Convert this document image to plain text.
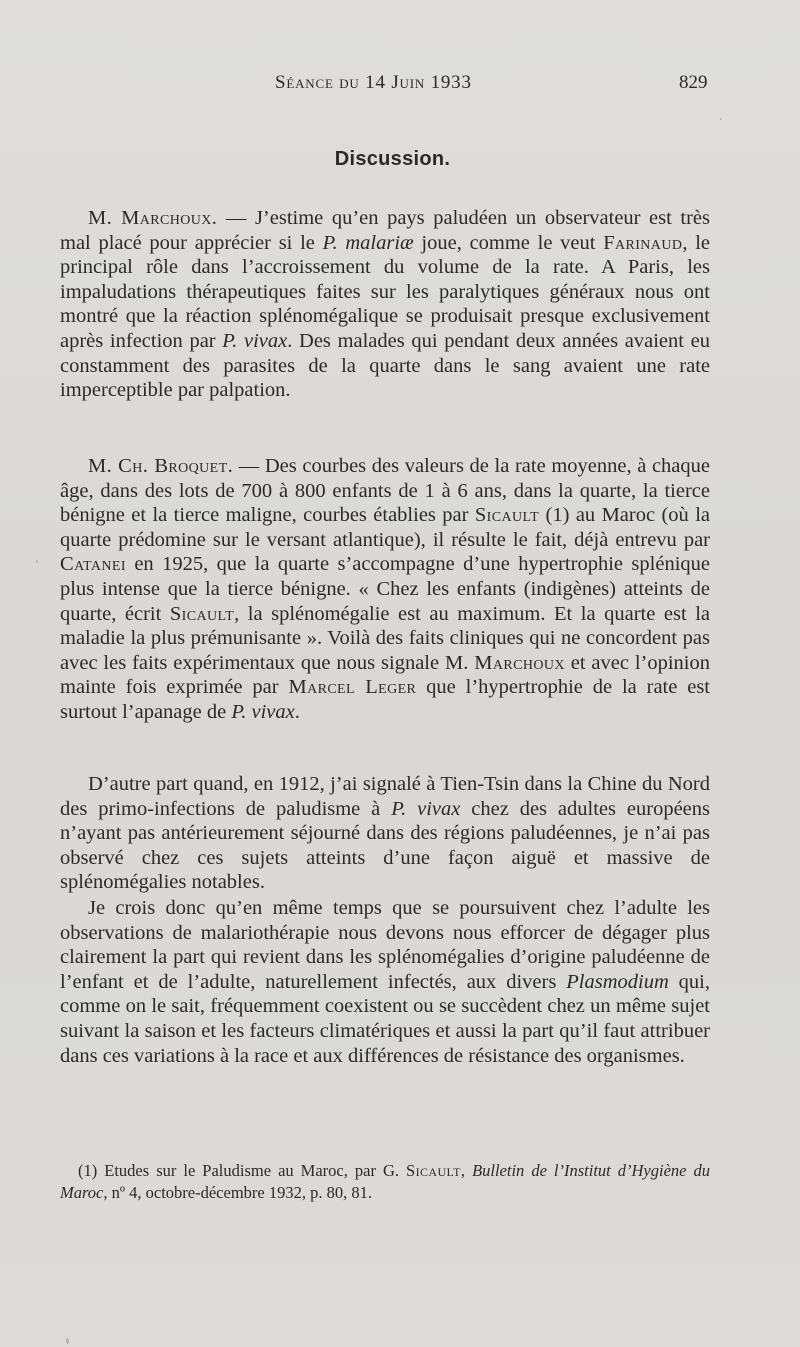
Séance du 14 Juin 1933	829
Discussion.

M. Marchoux. — J’estime qu’en pays paludéen un observateur est très mal placé pour apprécier si le P. malariæ joue, comme le veut Farinaud, le principal rôle dans l’accroissement du volume de la rate. A Paris, les impaludations thérapeutiques faites sur les paralytiques généraux nous ont montré que la réaction splénomégalique se produisait presque exclusivement après infection par P. vivax. Des malades qui pendant deux années avaient eu constamment des parasites de la quarte dans le sang avaient une rate imperceptible par palpation.

M. Ch. Broquet. — Des courbes des valeurs de la rate moyenne, à chaque âge, dans des lots de 700 à 800 enfants de 1 à 6 ans, dans la quarte, la tierce bénigne et la tierce maligne, courbes établies par Sicault (1) au Maroc (où la quarte prédomine sur le versant atlantique), il résulte le fait, déjà entrevu par Catanei en 1925, que la quarte s’accompagne d’une hypertrophie splénique plus intense que la tierce bénigne. « Chez les enfants (indigènes) atteints de quarte, écrit Sicault, la splénomégalie est au maximum. Et la quarte est la maladie la plus prémunisante ». Voilà des faits cliniques qui ne concordent pas avec les faits expérimentaux que nous signale M. Marchoux et avec l’opinion mainte fois exprimée par Marcel Leger que l’hypertrophie de la rate est surtout l’apanage de P. vivax.

D’autre part quand, en 1912, j’ai signalé à Tien-Tsin dans la Chine du Nord des primo-infections de paludisme à P. vivax chez des adultes européens n’ayant pas antérieurement séjourné dans des régions paludéennes, je n’ai pas observé chez ces sujets atteints d’une façon aiguë et massive de splénomégalies notables.

Je crois donc qu’en même temps que se poursuivent chez l’adulte les observations de malariothérapie nous devons nous efforcer de dégager plus clairement la part qui revient dans les splénomégalies d’origine paludéenne de l’enfant et de l’adulte, naturellement infectés, aux divers Plasmodium qui, comme on le sait, fréquemment coexistent ou se succèdent chez un même sujet suivant la saison et les facteurs climatériques et aussi la part qu’il faut attribuer dans ces variations à la race et aux différences de résistance des organismes.

(1) Etudes sur le Paludisme au Maroc, par G. Sicault, Bulletin de l’Institut d’Hygiène du Maroc, nº 4, octobre-décembre 1932, p. 80, 81.
